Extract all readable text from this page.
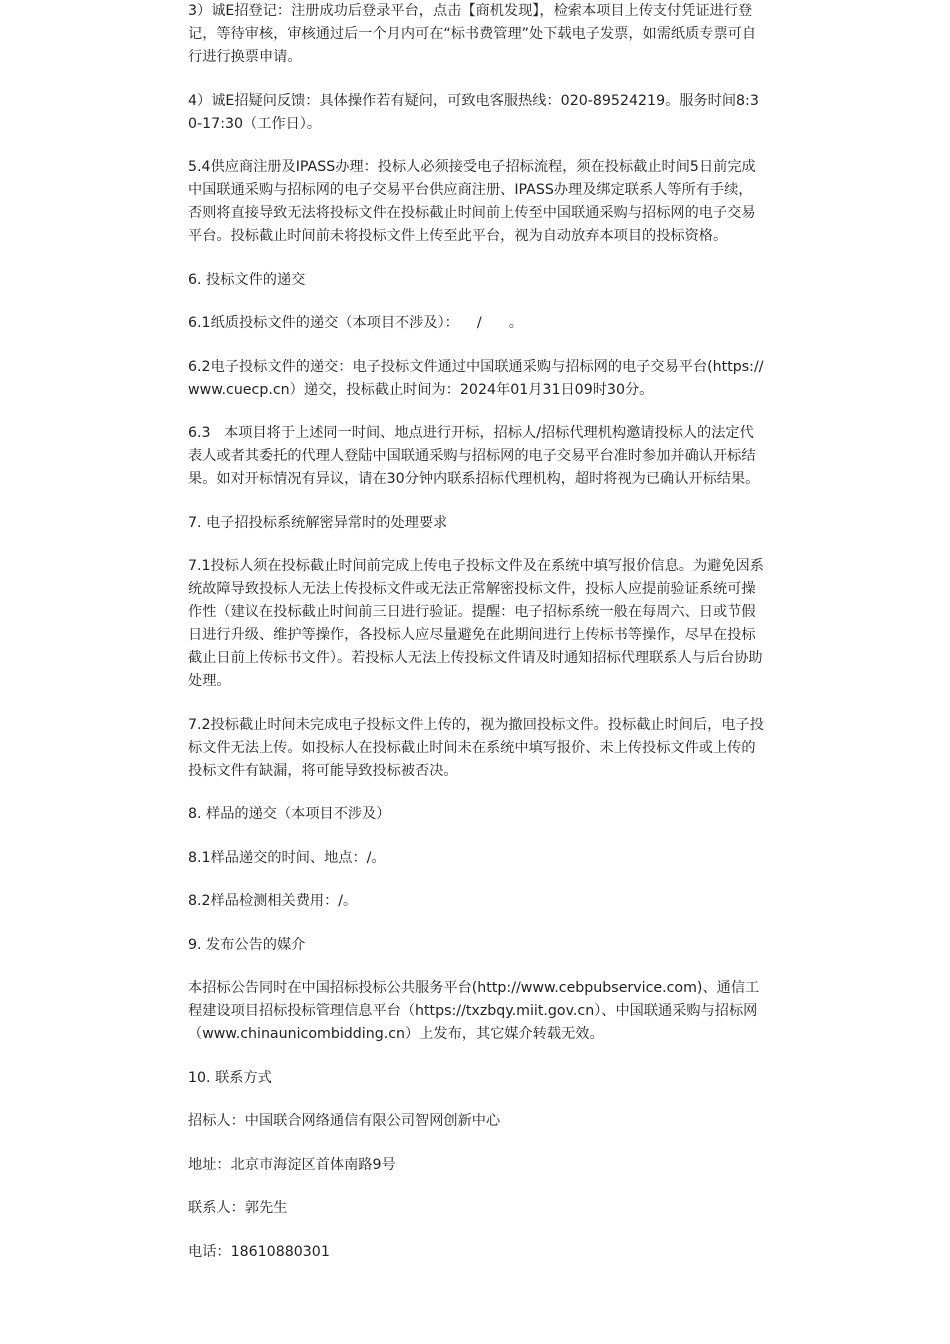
3）诚E招登记：注册成功后登录平台，点击【商机发现】，检索本项目上传支付凭证进行登记，等待审核，审核通过后一个月内可在“标书费管理”处下载电子发票，如需纸质专票可自行进行换票申请。

4）诚E招疑问反馈：具体操作若有疑问，可致电客服热线：020-89524219。服务时间8:30-17:30（工作日）。

5.4供应商注册及IPASS办理：投标人必须接受电子招标流程，须在投标截止时间5日前完成中国联通采购与招标网的电子交易平台供应商注册、IPASS办理及绑定联系人等所有手续，否则将直接导致无法将投标文件在投标截止时间前上传至中国联通采购与招标网的电子交易平台。投标截止时间前未将投标文件上传至此平台，视为自动放弃本项目的投标资格。

6. 投标文件的递交

6.1纸质投标文件的递交（本项目不涉及）：    /      。

6.2电子投标文件的递交：电子投标文件通过中国联通采购与招标网的电子交易平台(https://www.cuecp.cn）递交，投标截止时间为：2024年01月31日09时30分。

6.3   本项目将于上述同一时间、地点进行开标，招标人/招标代理机构邀请投标人的法定代表人或者其委托的代理人登陆中国联通采购与招标网的电子交易平台准时参加并确认开标结果。如对开标情况有异议，请在30分钟内联系招标代理机构，超时将视为已确认开标结果。

7. 电子招投标系统解密异常时的处理要求

7.1投标人须在投标截止时间前完成上传电子投标文件及在系统中填写报价信息。为避免因系统故障导致投标人无法上传投标文件或无法正常解密投标文件，投标人应提前验证系统可操作性（建议在投标截止时间前三日进行验证。提醒：电子招标系统一般在每周六、日或节假日进行升级、维护等操作，各投标人应尽量避免在此期间进行上传标书等操作，尽早在投标截止日前上传标书文件）。若投标人无法上传投标文件请及时通知招标代理联系人与后台协助处理。

7.2投标截止时间未完成电子投标文件上传的，视为撤回投标文件。投标截止时间后，电子投标文件无法上传。如投标人在投标截止时间未在系统中填写报价、未上传投标文件或上传的投标文件有缺漏，将可能导致投标被否决。

8. 样品的递交（本项目不涉及）

8.1样品递交的时间、地点：/。

8.2样品检测相关费用：/。

9. 发布公告的媒介

本招标公告同时在中国招标投标公共服务平台(http://www.cebpubservice.com)、通信工程建设项目招标投标管理信息平台（https://txzbqy.miit.gov.cn）、中国联通采购与招标网（www.chinaunicombidding.cn）上发布，其它媒介转载无效。

10. 联系方式

招标人：中国联合网络通信有限公司智网创新中心

地址：北京市海淀区首体南路9号

联系人：郭先生

电话：18610880301
